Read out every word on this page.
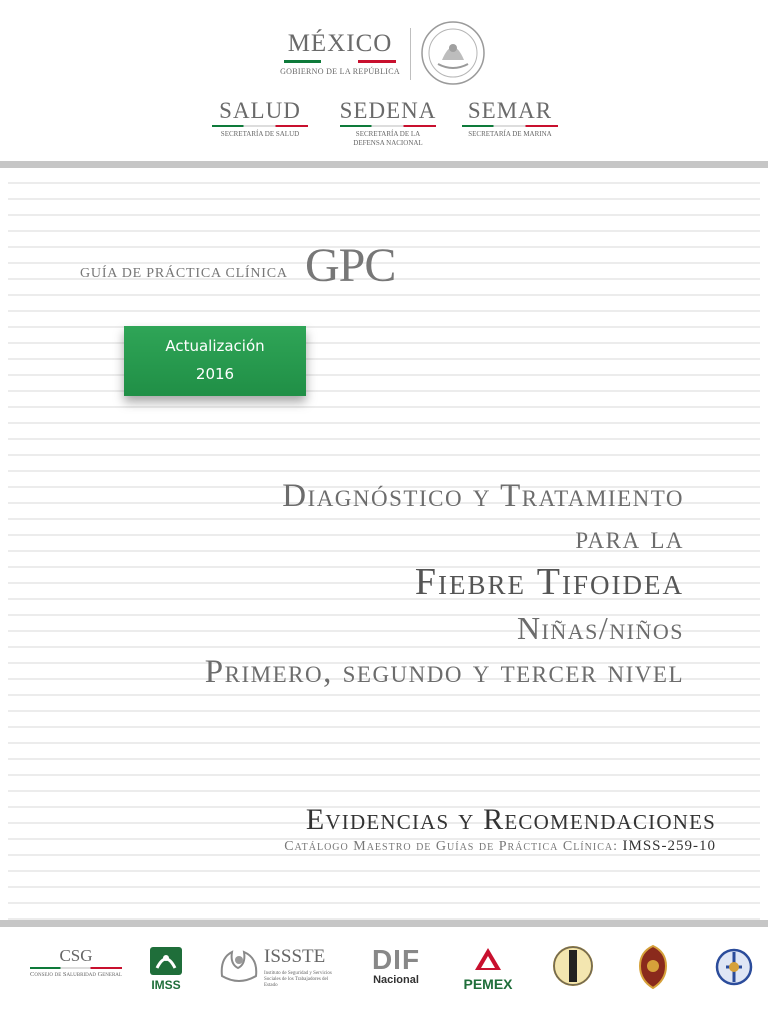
MÉXICO
GOBIERNO DE LA REPÚBLICA
SALUD
SECRETARÍA DE SALUD
SEDENA
SECRETARÍA DE LA DEFENSA NACIONAL
SEMAR
SECRETARÍA DE MARINA
GUÍA DE PRÁCTICA CLÍNICA GPC
Actualización
2016
Diagnóstico y Tratamiento
para la
Fiebre Tifoidea
Niñas/niños
Primero, segundo y tercer nivel
Evidencias y Recomendaciones
Catálogo Maestro de Guías de Práctica Clínica: IMSS-259-10
CSG
Consejo de Salubridad General
IMSS
ISSSTE
Instituto de Seguridad y Servicios Sociales de los Trabajadores del Estado
DIF
Nacional	PEMEX
